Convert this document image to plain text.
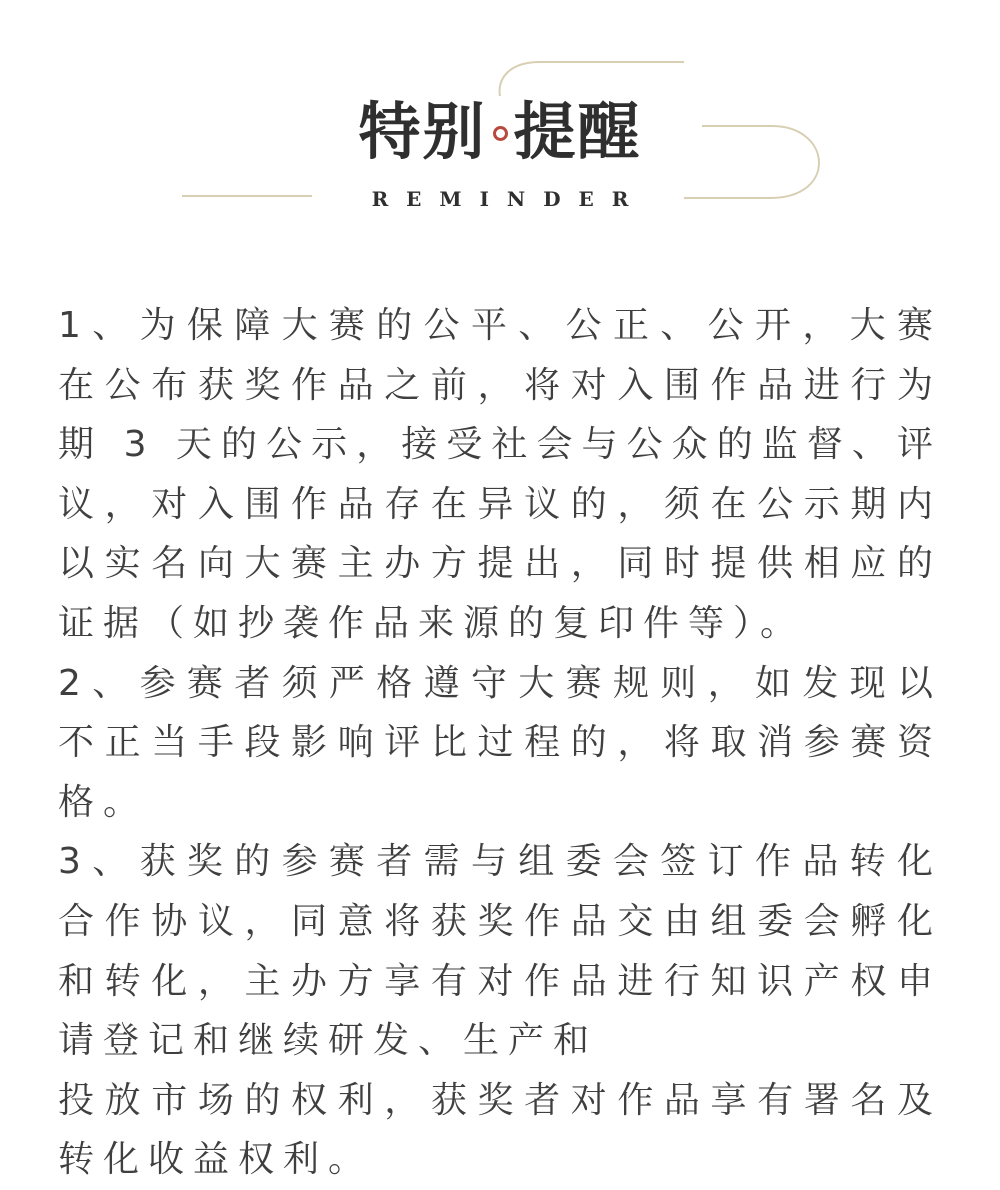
特别 提醒
REMINDER

1、为保障大赛的公平、公正、公开，大赛在公布获奖作品之前，将对入围作品进行为期 3 天的公示，接受社会与公众的监督、评议，对入围作品存在异议的，须在公示期内以实名向大赛主办方提出，同时提供相应的证据（如抄袭作品来源的复印件等）。

2、参赛者须严格遵守大赛规则，如发现以不正当手段影响评比过程的，将取消参赛资格。

3、获奖的参赛者需与组委会签订作品转化合作协议，同意将获奖作品交由组委会孵化和转化，主办方享有对作品进行知识产权申请登记和继续研发、生产和

投放市场的权利，获奖者对作品享有署名及转化收益权利。
